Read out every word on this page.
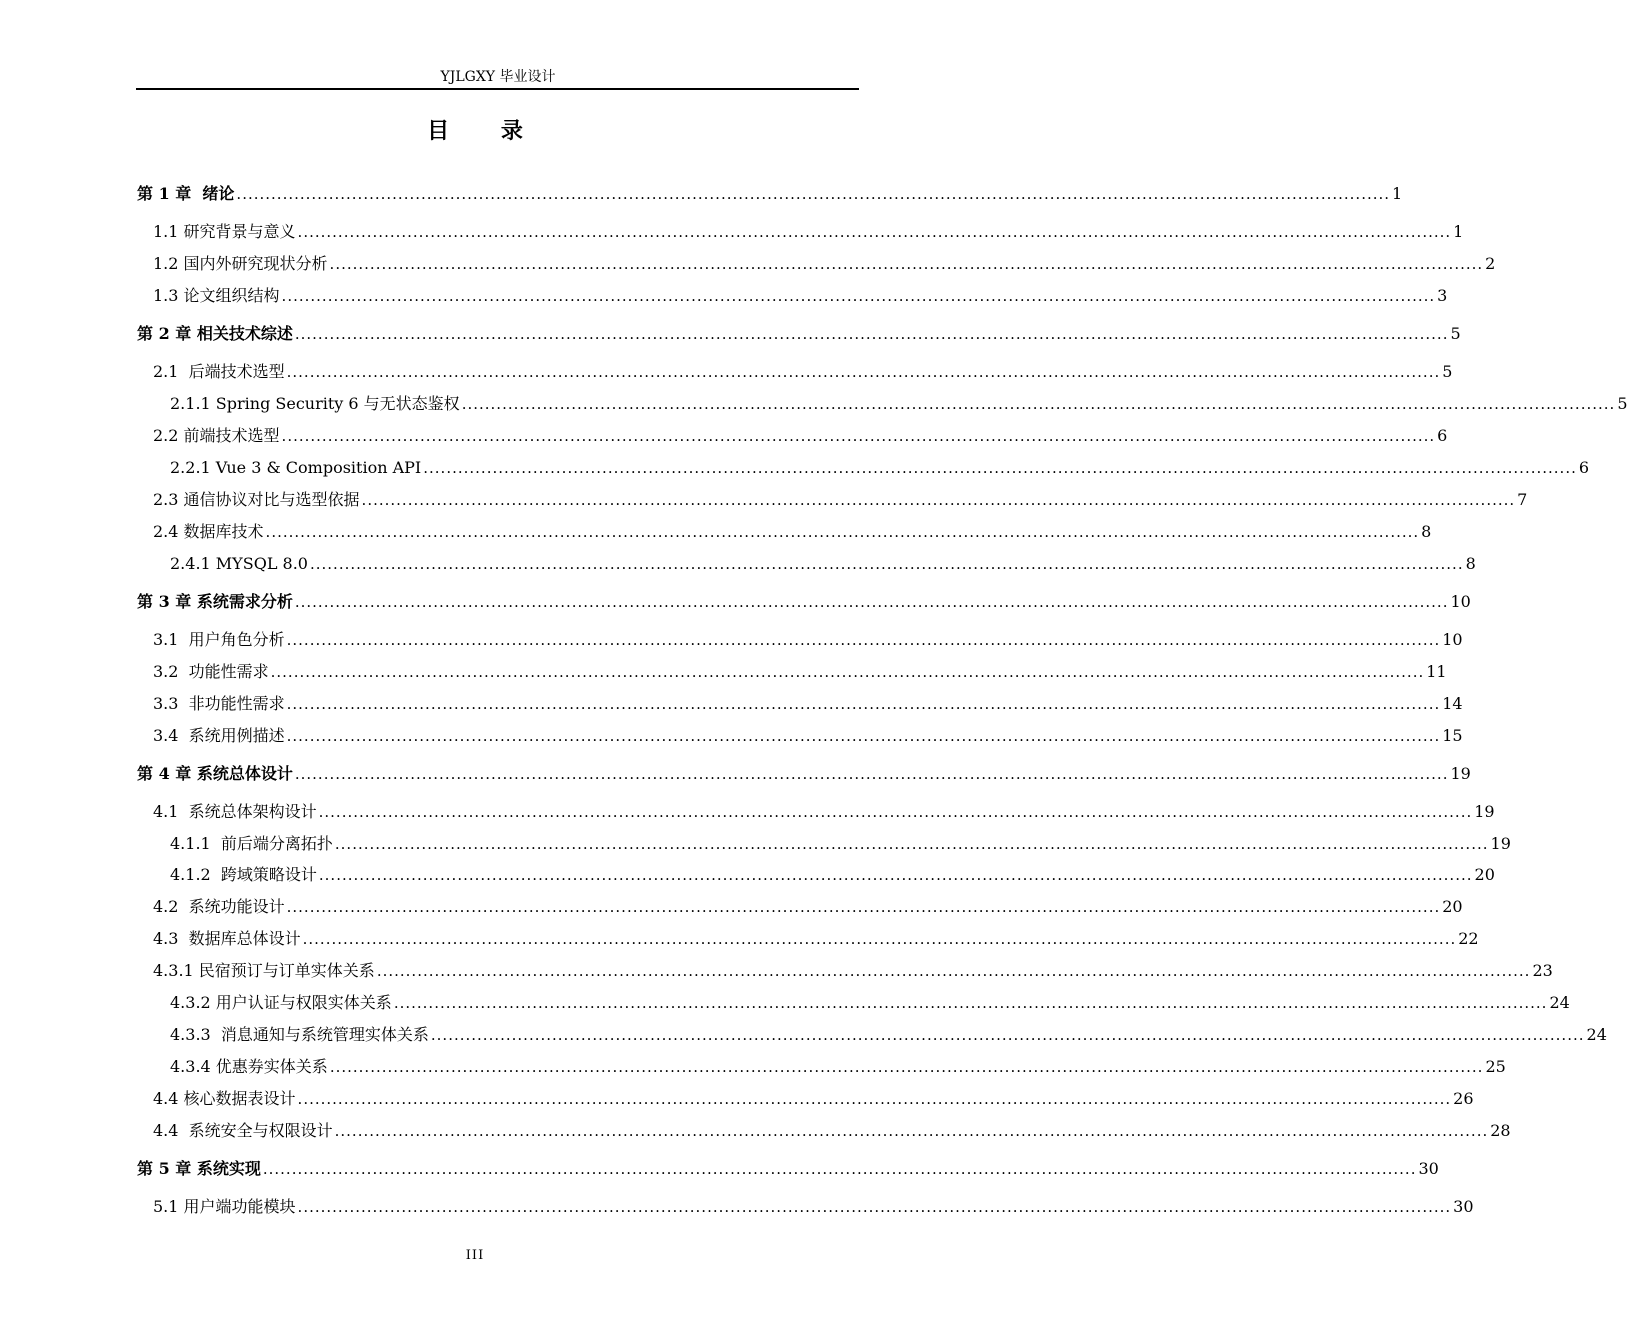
YJLGXY 毕业设计
目 录
第 1 章  绪论 ........................................................................................................................................................................................................ 1
1.1 研究背景与意义 ........................................................................................................................................................................................................ 1
1.2 国内外研究现状分析 ........................................................................................................................................................................................................ 2
1.3 论文组织结构 ........................................................................................................................................................................................................ 3
第 2 章 相关技术综述 ........................................................................................................................................................................................................ 5
2.1  后端技术选型 ........................................................................................................................................................................................................ 5
2.1.1 Spring Security 6 与无状态鉴权 ........................................................................................................................................................................................................ 5
2.2 前端技术选型 ........................................................................................................................................................................................................ 6
2.2.1 Vue 3 & Composition API ........................................................................................................................................................................................................ 6
2.3 通信协议对比与选型依据 ........................................................................................................................................................................................................ 7
2.4 数据库技术 ........................................................................................................................................................................................................ 8
2.4.1 MYSQL 8.0 ........................................................................................................................................................................................................ 8
第 3 章 系统需求分析 ........................................................................................................................................................................................................ 10
3.1  用户角色分析 ........................................................................................................................................................................................................ 10
3.2  功能性需求 ........................................................................................................................................................................................................ 11
3.3  非功能性需求 ........................................................................................................................................................................................................ 14
3.4  系统用例描述 ........................................................................................................................................................................................................ 15
第 4 章 系统总体设计 ........................................................................................................................................................................................................ 19
4.1  系统总体架构设计 ........................................................................................................................................................................................................ 19
4.1.1  前后端分离拓扑 ........................................................................................................................................................................................................ 19
4.1.2  跨域策略设计 ........................................................................................................................................................................................................ 20
4.2  系统功能设计 ........................................................................................................................................................................................................ 20
4.3  数据库总体设计 ........................................................................................................................................................................................................ 22
4.3.1 民宿预订与订单实体关系 ........................................................................................................................................................................................................ 23
4.3.2 用户认证与权限实体关系 ........................................................................................................................................................................................................ 24
4.3.3  消息通知与系统管理实体关系 ........................................................................................................................................................................................................ 24
4.3.4 优惠券实体关系 ........................................................................................................................................................................................................ 25
4.4 核心数据表设计 ........................................................................................................................................................................................................ 26
4.4  系统安全与权限设计 ........................................................................................................................................................................................................ 28
第 5 章 系统实现 ........................................................................................................................................................................................................ 30
5.1 用户端功能模块 ........................................................................................................................................................................................................ 30
III
